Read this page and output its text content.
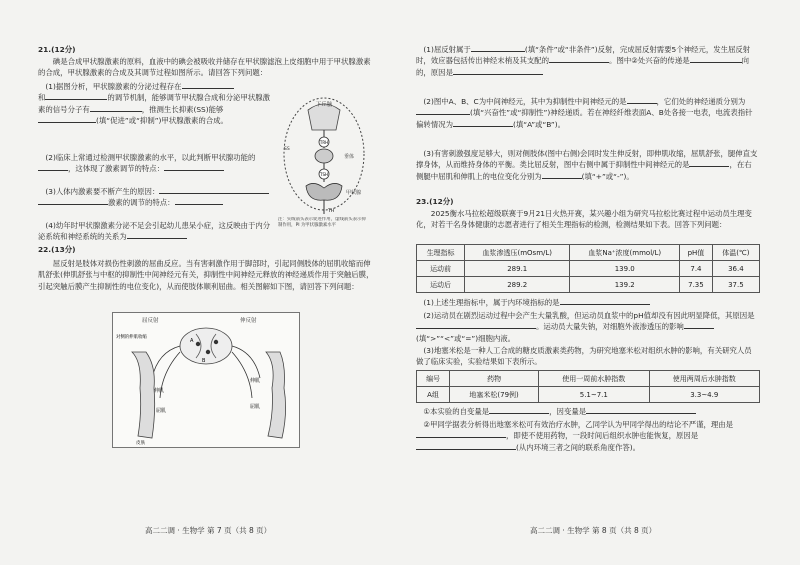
21.(12分)
碘是合成甲状腺激素的原料，血液中的碘会被吸收并储存在甲状腺滤泡上皮细胞中用于甲状腺激素的合成，甲状腺激素的合成及其调节过程如图所示。请回答下列问题：
(1)据图分析，甲状腺激素的分泌过程存在
和	的调节机制，能够调节甲状腺合成和分泌甲状腺激素的信号分子有	，推测生长抑素(SS)能够(填“促进”或“抑制”)甲状腺激素的合成。
(2)临床上常通过检测甲状腺激素的水平，以此判断甲状腺功能的，这体现了激素调节的特点：
(3)人体内激素要不断产生的原因：
激素的调节的特点：
(4)幼年时甲状腺激素分泌不足会引起幼儿患呆小症，这反映由于内分泌系统和神经系统的关系为
下丘脑
TRH
垂体
TSH
甲状腺
TH
SS
注：实线箭头表示促进作用，虚线箭头表示抑制作用，PI 为甲状腺激素水平
22.(13分)
屈反射是肢体对损伤性刺激的屈曲反应。当有害刺激作用于脚部时，引起同侧肢体的屈肌收缩而伸肌舒张(伸肌舒张与中枢的抑制性中间神经元有关，抑制性中间神经元释放的神经递质作用于突触后膜，引起突触后膜产生抑制性的电位变化)，从而使肢体顺利屈曲。相关图解如下图，请回答下列问题：
屈反射	伸反射
A
B
伸肌
屈肌
皮肤
对侧的伸肌收缩
伸肌
屈肌
高二二调 · 生物学 第 7 页（共 8 页）
(1)屈反射属于	(填“条件”或“非条件”)反射，完成屈反射需要5个神经元，发生屈反射时，效应器包括传出神经末梢及其支配的	。图中②处兴奋的传递是	向的，原因是
(2)图中A、B、C为中间神经元，其中为抑制性中间神经元的是	，它们处的神经递质分别为(填“兴奋性”或“抑制性”)神经递质。若在神经纤维表面A、B处各接一电表，电流表指针偏转情况为	(填“A”或“B”)。
(3)有害刺激强度足够大，则对侧肢体(图中右侧)会同时发生伸反射，即伸肌收缩，屈肌舒张，腿伸直支撑身体，从而维持身体的平衡。类比屈反射，图中右侧中属于抑制性中间神经元的是	，在右侧腿中屈肌和伸肌上的电位变化分别为	(填“+”或“-”)。
23.(12分)
2025衡水马拉松超级联赛于9月21日火热开赛，某兴趣小组为研究马拉松比赛过程中运动员生理变化，对若干名身体健康的志愿者进行了相关生理指标的检测，检测结果如下表。回答下列问题：
生理指标	血浆渗透压(mOsm/L)	血浆Na⁺浓度(mmol/L)	pH值	体温(℃)
运动前	289.1	139.0	7.4	36.4
运动后	289.2	139.2	7.35	37.5
(1)上述生理指标中，属于内环境指标的是
(2)运动员在剧烈运动过程中会产生大量乳酸，但运动员血浆中的pH值却没有因此明显降低，其原因是。运动员大量失钠，对细胞外液渗透压的影响(填“>”“<”或“=”)细胞内液。
(3)地塞米松是一种人工合成的糖皮质激素类药物，为研究地塞米松对组织水肿的影响，有关研究人员做了临床实验，实验结果如下表所示。
编号	药物	使用一周前水肿指数	使用两周后水肿指数
A组	地塞米松(79例)	5.1~7.1	3.3~4.9
①本实验的自变量是	，因变量是
②甲同学据表分析得出地塞米松可有效治疗水肿，乙同学认为甲同学得出的结论不严谨，理由是，即使不使用药物，一段时间后组织水肿也能恢复，原因是(从内环境三者之间的联系角度作答)。
高二二调 · 生物学 第 8 页（共 8 页）
